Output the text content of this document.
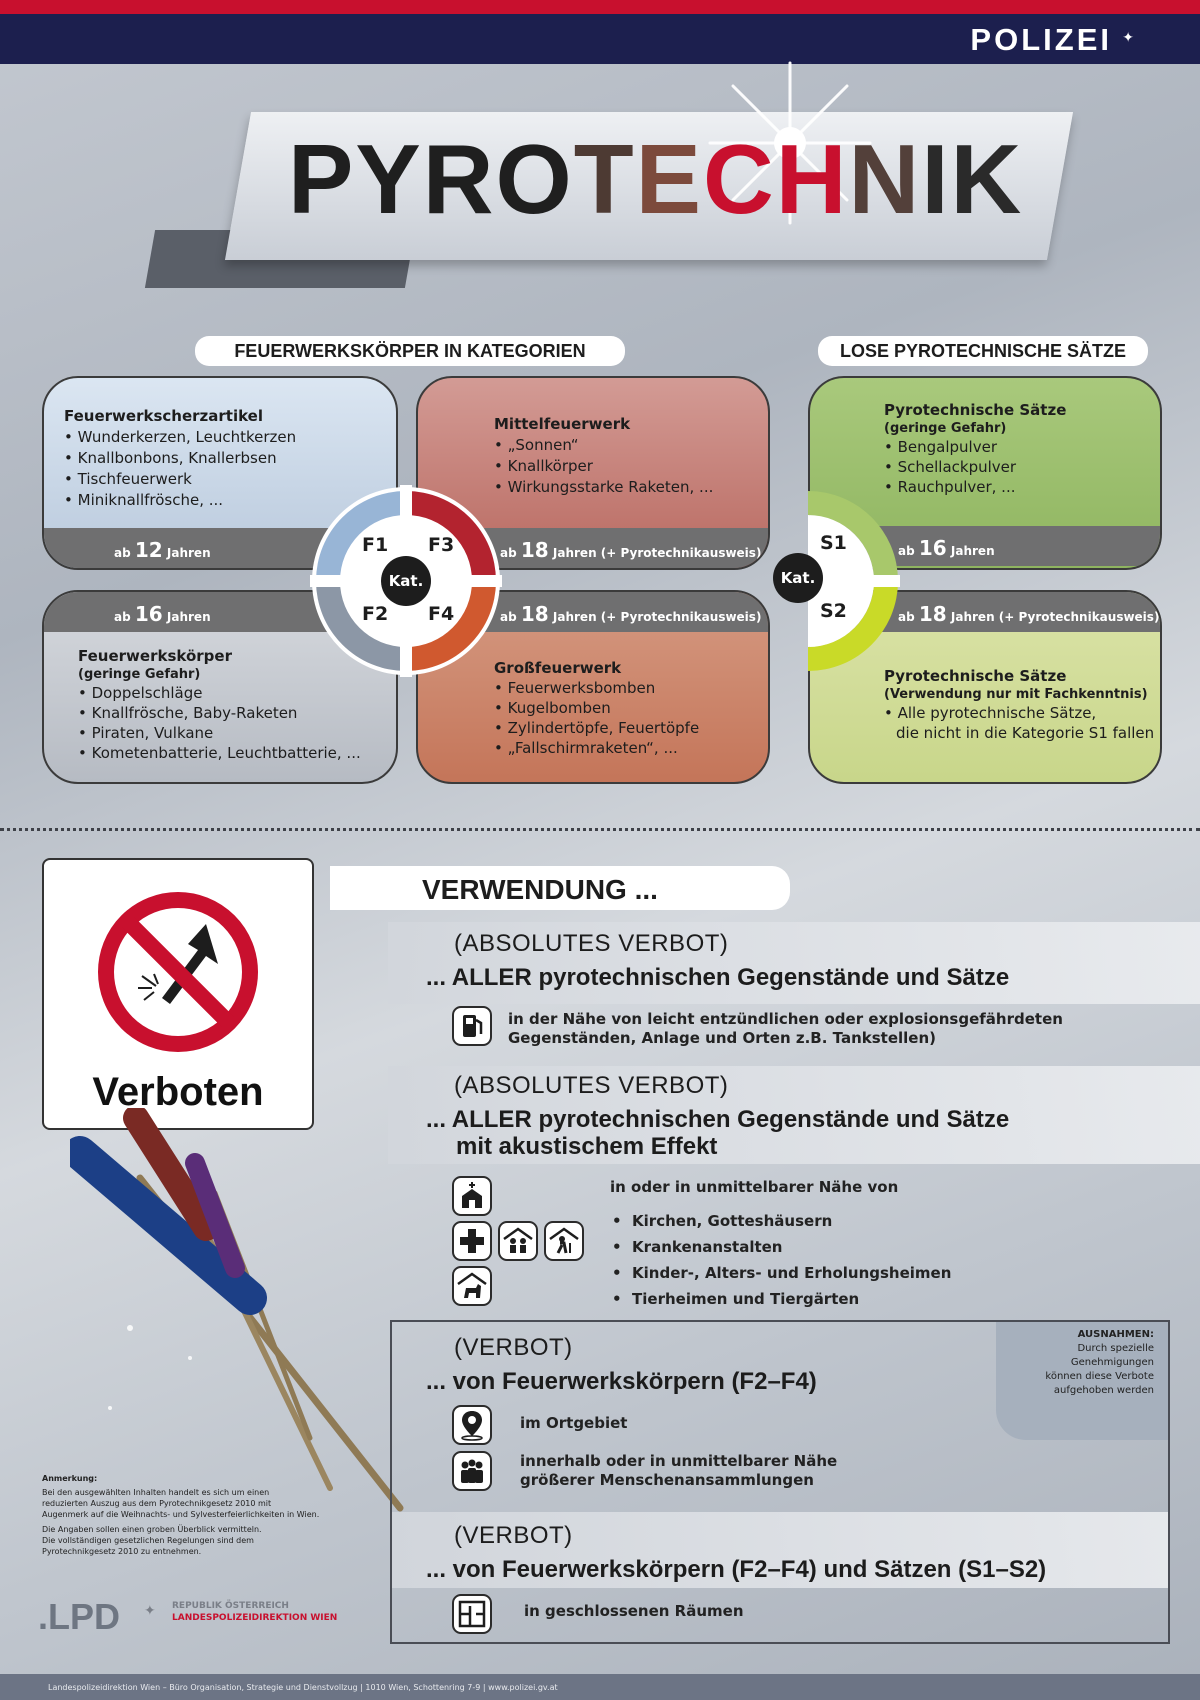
POLIZEI ✦
PYROTECHNIK
FEUERWERKSKÖRPER IN KATEGORIEN	LOSE PYROTECHNISCHE SÄTZE
Feuerwerkscherzartikel
• Wunderkerzen, Leuchtkerzen
• Knallbonbons, Knallerbsen
• Tischfeuerwerk
• Miniknallfrösche, ...
ab 12 Jahren
Mittelfeuerwerk
• „Sonnen“
• Knallkörper
• Wirkungsstarke Raketen, ...
ab 18 Jahren (+ Pyrotechnikausweis)
ab 16 Jahren
Feuerwerkskörper
(geringe Gefahr)
• Doppelschläge
• Knallfrösche, Baby-Raketen
• Piraten, Vulkane
• Kometenbatterie, Leuchtbatterie, ...
ab 18 Jahren (+ Pyrotechnikausweis)
Großfeuerwerk
• Feuerwerksbomben
• Kugelbomben
• Zylindertöpfe, Feuertöpfe
• „Fallschirmraketen“, ...
F1 F3
F2 F4
Kat.
Pyrotechnische Sätze
(geringe Gefahr)
• Bengalpulver
• Schellackpulver
• Rauchpulver, ...
ab 16 Jahren
ab 18 Jahren (+ Pyrotechnikausweis)
Pyrotechnische Sätze
(Verwendung nur mit Fachkenntnis)
• Alle pyrotechnische Sätze,
die nicht in die Kategorie S1 fallen
S1
S2
Kat.
Verboten
VERWENDUNG ...
(ABSOLUTES VERBOT)
... ALLER pyrotechnischen Gegenstände und Sätze
in der Nähe von leicht entzündlichen oder explosionsgefährdeten
Gegenständen, Anlage und Orten z.B. Tankstellen)
(ABSOLUTES VERBOT)
... ALLER pyrotechnischen Gegenstände und Sätze
mit akustischem Effekt
in oder in unmittelbarer Nähe von
•  Kirchen, Gotteshäusern
•  Krankenanstalten
•  Kinder-, Alters- und Erholungsheimen
•  Tierheimen und Tiergärten
AUSNAHMEN:
Durch spezielle
Genehmigungen
können diese Verbote
aufgehoben werden
(VERBOT)
... von Feuerwerkskörpern (F2–F4)
im Ortgebiet
innerhalb oder in unmittelbarer Nähe
größerer Menschenansammlungen
(VERBOT)
... von Feuerwerkskörpern (F2–F4) und Sätzen (S1–S2)
in geschlossenen Räumen
Anmerkung:
Bei den ausgewählten Inhalten handelt es sich um einen
reduzierten Auszug aus dem Pyrotechnikgesetz 2010 mit
Augenmerk auf die Weihnachts- und Sylvesterfeierlichkeiten in Wien.
Die Angaben sollen einen groben Überblick vermitteln.
Die vollständigen gesetzlichen Regelungen sind dem
Pyrotechnikgesetz 2010 zu entnehmen.
.LPD ✦ REPUBLIK ÖSTERREICH
LANDESPOLIZEIDIREKTION WIEN
Landespolizeidirektion Wien – Büro Organisation, Strategie und Dienstvollzug | 1010 Wien, Schottenring 7-9 | www.polizei.gv.at
